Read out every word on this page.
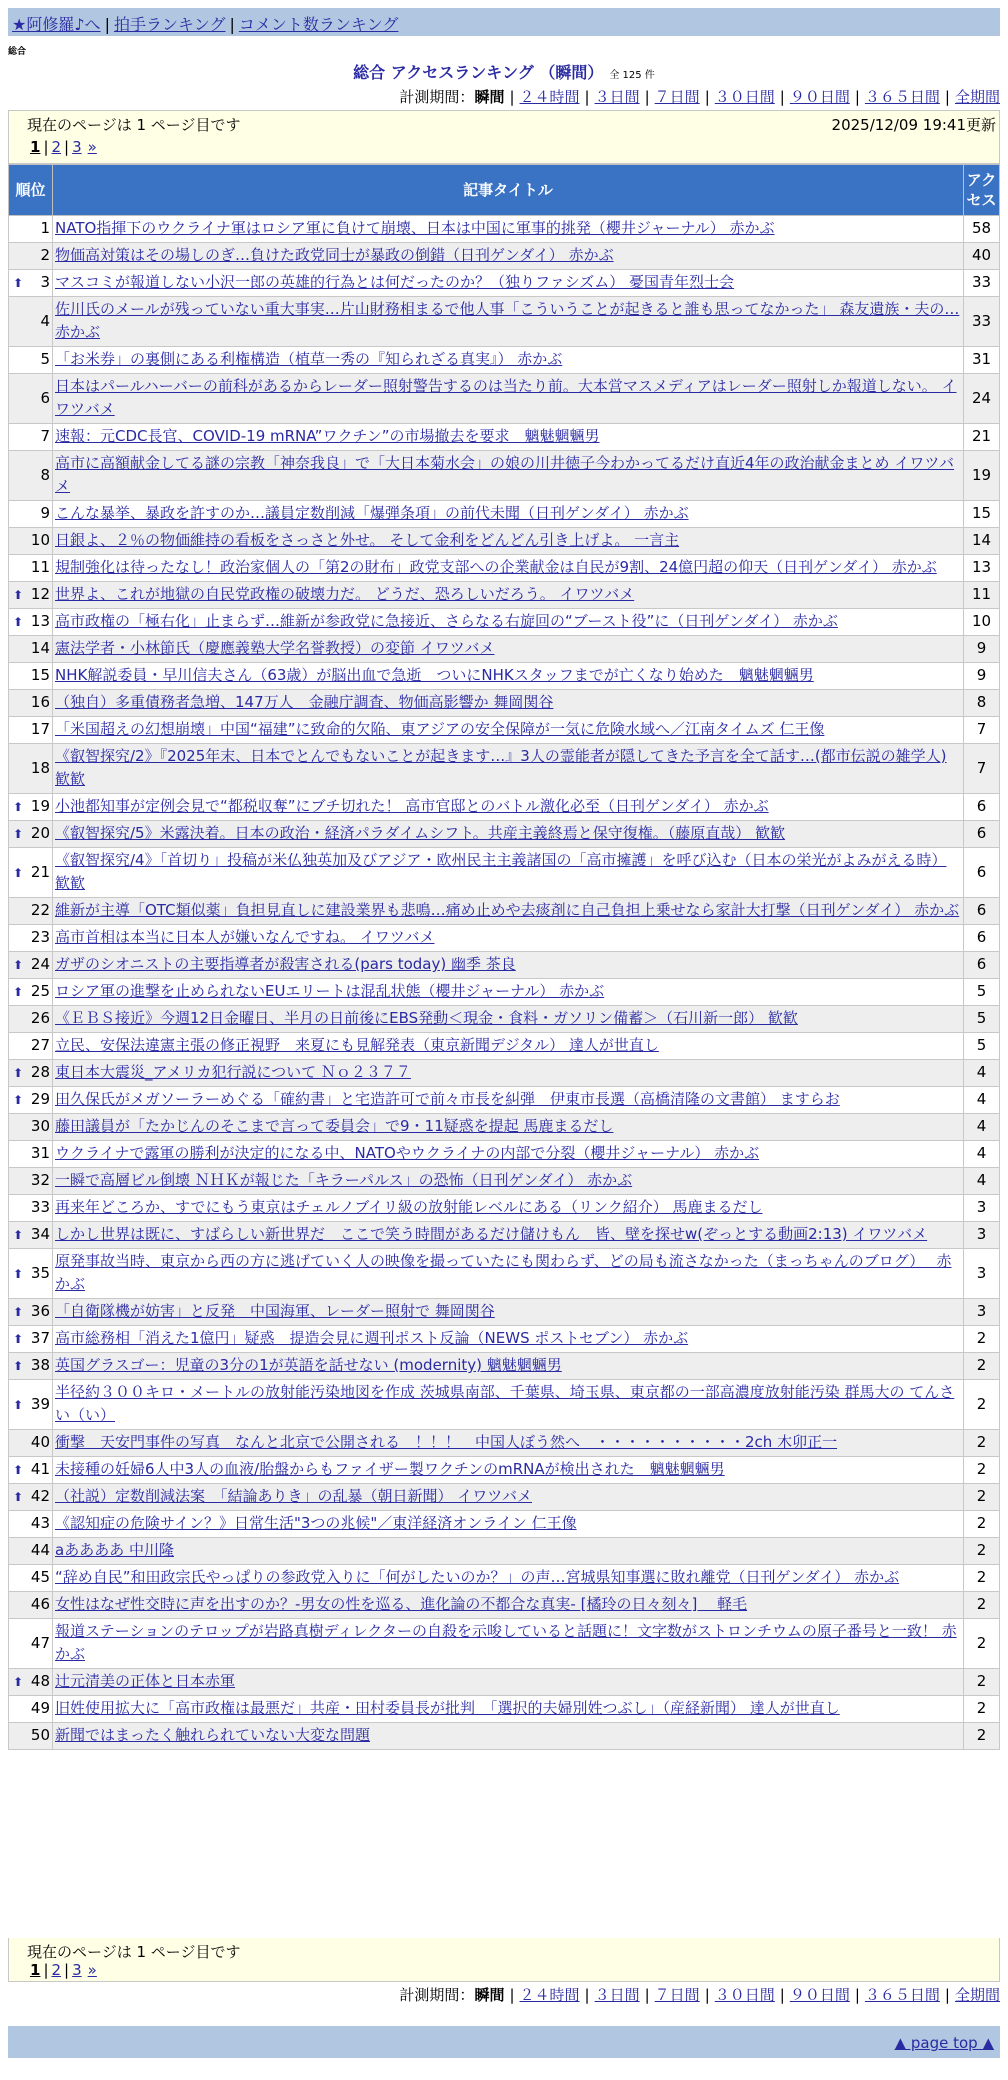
★阿修羅♪へ | 拍手ランキング | コメント数ランキング
総合
総合 アクセスランキング （瞬間） 全 125 件
計測期間：瞬間 | ２４時間 | ３日間 | ７日間 | ３０日間 | ９０日間 | ３６５日間 | 全期間
現在のページは 1 ページ目です	2025/12/09 19:41更新
1 | 2 | 3 »
順位	記事タイトル	アクセス
1	NATO指揮下のウクライナ軍はロシア軍に負けて崩壊、日本は中国に軍事的挑発（櫻井ジャーナル） 赤かぶ	58
2	物価高対策はその場しのぎ…負けた政党同士が暴政の倒錯（日刊ゲンダイ） 赤かぶ	40

⬆ 3	マスコミが報道しない小沢一郎の英雄的行為とは何だったのか？（独りファシズム） 憂国青年烈士会	33
4	佐川氏のメールが残っていない重大事実…片山財務相まるで他人事「こういうことが起きると誰も思ってなかった」 森友遺族・夫の… 赤かぶ	33
5	「お米券」の裏側にある利権構造（植草一秀の『知られざる真実』） 赤かぶ	31
6	日本はパールハーバーの前科があるからレーダー照射警告するのは当たり前。大本営マスメディアはレーダー照射しか報道しない。 イワツバメ	24
7	速報：元CDC長官、COVID-19 mRNA”ワクチン”の市場撤去を要求　魑魅魍魎男	21
8	高市に高額献金してる謎の宗教「神奈我良」で「大日本菊水会」の娘の川井徳子今わかってるだけ直近4年の政治献金まとめ イワツバメ	19
9	こんな暴挙、暴政を許すのか…議員定数削減「爆弾条項」の前代未聞（日刊ゲンダイ） 赤かぶ	15
10	日銀よ、２％の物価維持の看板をさっさと外せ。 そして金利をどんどん引き上げよ。 一言主	14
11	規制強化は待ったなし！政治家個人の「第2の財布」政党支部への企業献金は自民が9割、24億円超の仰天（日刊ゲンダイ） 赤かぶ	13

⬆ 12	世界よ、これが地獄の自民党政権の破壊力だ。 どうだ、恐ろしいだろう。 イワツバメ	11

⬆ 13	高市政権の「極右化」止まらず…維新が参政党に急接近、さらなる右旋回の“ブースト役”に（日刊ゲンダイ） 赤かぶ	10
14	憲法学者・小林節氏（慶應義塾大学名誉教授）の変節 イワツバメ	9
15	NHK解説委員・早川信夫さん（63歳）が脳出血で急逝　ついにNHKスタッフまでが亡くなり始めた　魑魅魍魎男	9
16	（独自）多重債務者急増、147万人　金融庁調査、物価高影響か 舞岡関谷	8
17	「米国超えの幻想崩壊」中国“福建”に致命的欠陥、東アジアの安全保障が一気に危険水域へ／江南タイムズ 仁王像	7
18	《叡智探究/2》『2025年末、日本でとんでもないことが起きます…』3人の霊能者が隠してきた予言を全て話す…(都市伝説の雑学人) 歓歓	7

⬆ 19	小池都知事が定例会見で“都税収奪”にブチ切れた！ 高市官邸とのバトル激化必至（日刊ゲンダイ） 赤かぶ	6

⬆ 20	《叡智探究/5》米露決着。日本の政治・経済パラダイムシフト。共産主義終焉と保守復権。（藤原直哉） 歓歓	6

⬆ 21	《叡智探究/4》「首切り」投稿が米仏独英加及びアジア・欧州民主主義諸国の「高市擁護」を呼び込む（日本の栄光がよみがえる時） 歓歓	6
22	維新が主導「OTC類似薬」負担見直しに建設業界も悲鳴…痛め止めや去痰剤に自己負担上乗せなら家計大打撃（日刊ゲンダイ） 赤かぶ	6
23	高市首相は本当に日本人が嫌いなんですね。 イワツバメ	6

⬆ 24	ガザのシオニストの主要指導者が殺害される(pars today) 幽季 茶良	6

⬆ 25	ロシア軍の進撃を止められないEUエリートは混乱状態（櫻井ジャーナル） 赤かぶ	5
26	《ＥＢＳ接近》今週12日金曜日、半月の日前後にEBS発動＜現金・食料・ガソリン備蓄＞（石川新一郎） 歓歓	5
27	立民、安保法違憲主張の修正視野　来夏にも見解発表（東京新聞デジタル） 達人が世直し	5

⬆ 28	東日本大震災_アメリカ犯行説について Ｎｏ２３７７	4

⬆ 29	田久保氏がメガソーラーめぐる「確約書」と宅造許可で前々市長を糾弾　伊東市長選（高橋清隆の文書館） ますらお	4
30	藤田議員が「たかじんのそこまで言って委員会」で9・11疑惑を提起 馬鹿まるだし	4
31	ウクライナで露軍の勝利が決定的になる中、NATOやウクライナの内部で分裂（櫻井ジャーナル） 赤かぶ	4
32	一瞬で高層ビル倒壊 ＮＨＫが報じた「キラーパルス」の恐怖（日刊ゲンダイ） 赤かぶ	4
33	再来年どころか、すでにもう東京はチェルノブイリ級の放射能レベルにある（リンク紹介） 馬鹿まるだし	3

⬆ 34	しかし世界は既に、すばらしい新世界だ　ここで笑う時間があるだけ儲けもん　皆、壁を探せw(ぞっとする動画2:13) イワツバメ	3

⬆ 35	原発事故当時、東京から西の方に逃げていく人の映像を撮っていたにも関わらず、どの局も流さなかった（まっちゃんのブログ）　 赤かぶ	3

⬆ 36	「自衛隊機が妨害」と反発　中国海軍、レーダー照射で 舞岡関谷	3

⬆ 37	高市総務相「消えた1億円」疑惑　提造会見に週刊ポスト反論（NEWS ポストセブン） 赤かぶ	2

⬆ 38	英国グラスゴー：児童の3分の1が英語を話せない (modernity) 魑魅魍魎男	2

⬆ 39	半径約３００キロ・メートルの放射能汚染地図を作成 茨城県南部、千葉県、埼玉県、東京都の一部高濃度放射能汚染 群馬大の てんさい（い）	2
40	衝撃　天安門事件の写真　なんと北京で公開される　！！！　中国人ぼう然へ　・・・・・・・・・・2ch 木卯正一	2

⬆ 41	未接種の妊婦6人中3人の血液/胎盤からもファイザー製ワクチンのmRNAが検出された　魑魅魍魎男	2

⬆ 42	（社説）定数削減法案　「結論ありき」の乱暴（朝日新聞） イワツバメ	2
43	《認知症の危険サイン？》日常生活"3つの兆候"／東洋経済オンライン 仁王像	2
44	aああああ 中川隆	2
45	“辞め自民”和田政宗氏やっぱりの参政党入りに「何がしたいのか？」の声…宮城県知事選に敗れ離党（日刊ゲンダイ） 赤かぶ	2
46	女性はなぜ性交時に声を出すのか？-男女の性を巡る、進化論の不都合な真実- [橘玲の日々刻々]　 軽毛	2
47	報道ステーションのテロップが岩路真樹ディレクターの自殺を示唆していると話題に！文字数がストロンチウムの原子番号と一致！ 赤かぶ	2

⬆ 48	辻元清美の正体と日本赤軍	2
49	旧姓使用拡大に「高市政権は最悪だ」共産・田村委員長が批判　「選択的夫婦別姓つぶし」（産経新聞） 達人が世直し	2
50	新聞ではまったく触れられていない大変な問題	2
現在のページは 1 ページ目です
1 | 2 | 3 »
計測期間：瞬間 | ２４時間 | ３日間 | ７日間 | ３０日間 | ９０日間 | ３６５日間 | 全期間
▲ page top ▲
